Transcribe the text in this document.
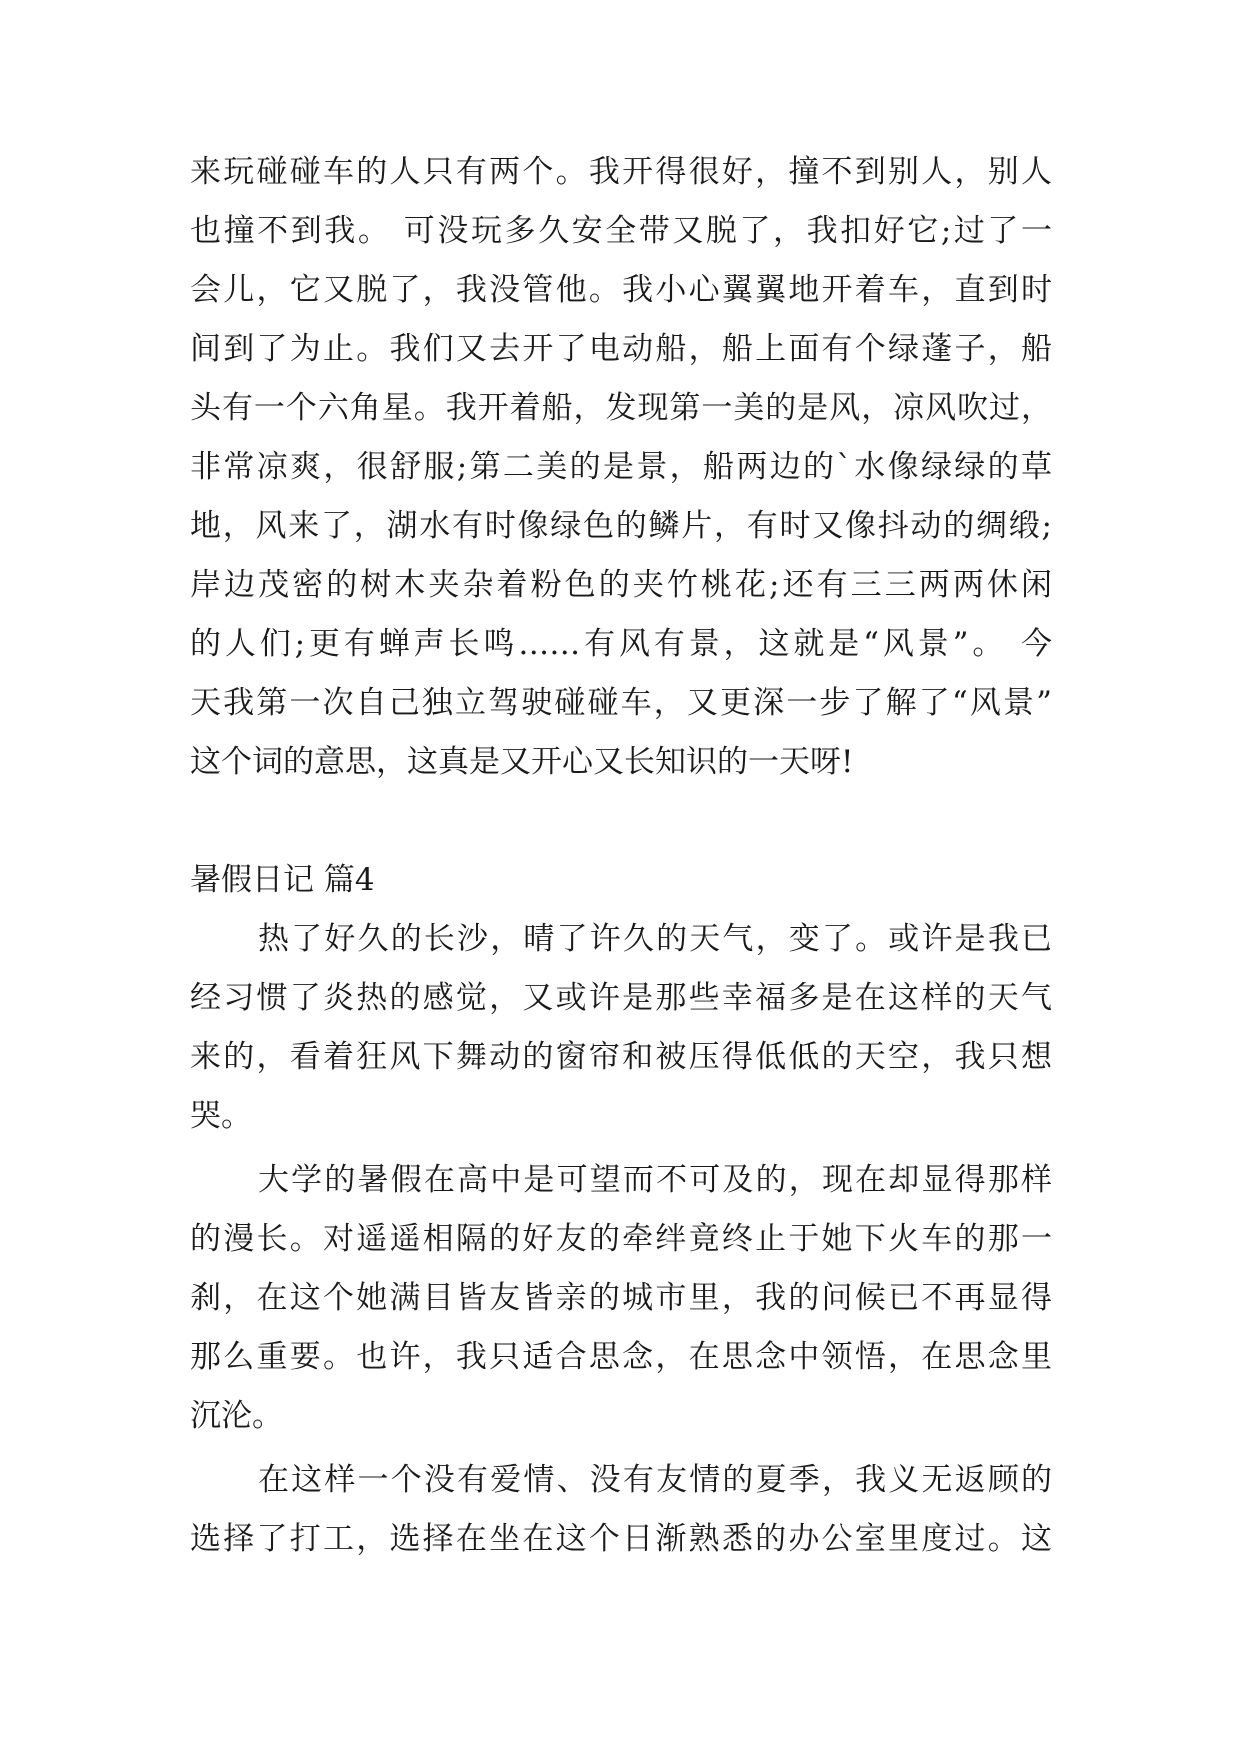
来玩碰碰车的人只有两个。我开得很好，撞不到别人，别人
也撞不到我。 可没玩多久安全带又脱了，我扣好它;过了一
会儿，它又脱了，我没管他。我小心翼翼地开着车，直到时
间到了为止。我们又去开了电动船，船上面有个绿蓬子，船
头有一个六角星。我开着船，发现第一美的是风，凉风吹过，
非常凉爽，很舒服;第二美的是景，船两边的`水像绿绿的草
地，风来了，湖水有时像绿色的鳞片，有时又像抖动的绸缎;
岸边茂密的树木夹杂着粉色的夹竹桃花;还有三三两两休闲
的人们;更有蝉声长鸣……有风有景，这就是“风景”。 今
天我第一次自己独立驾驶碰碰车，又更深一步了解了“风景”
这个词的意思，这真是又开心又长知识的一天呀!
暑假日记 篇4
热了好久的长沙，晴了许久的天气，变了。或许是我已
经习惯了炎热的感觉，又或许是那些幸福多是在这样的天气
来的，看着狂风下舞动的窗帘和被压得低低的天空，我只想
哭。
大学的暑假在高中是可望而不可及的，现在却显得那样
的漫长。对遥遥相隔的好友的牵绊竟终止于她下火车的那一
刹，在这个她满目皆友皆亲的城市里，我的问候已不再显得
那么重要。也许，我只适合思念，在思念中领悟，在思念里
沉沦。
在这样一个没有爱情、没有友情的夏季，我义无返顾的
选择了打工，选择在坐在这个日渐熟悉的办公室里度过。这
